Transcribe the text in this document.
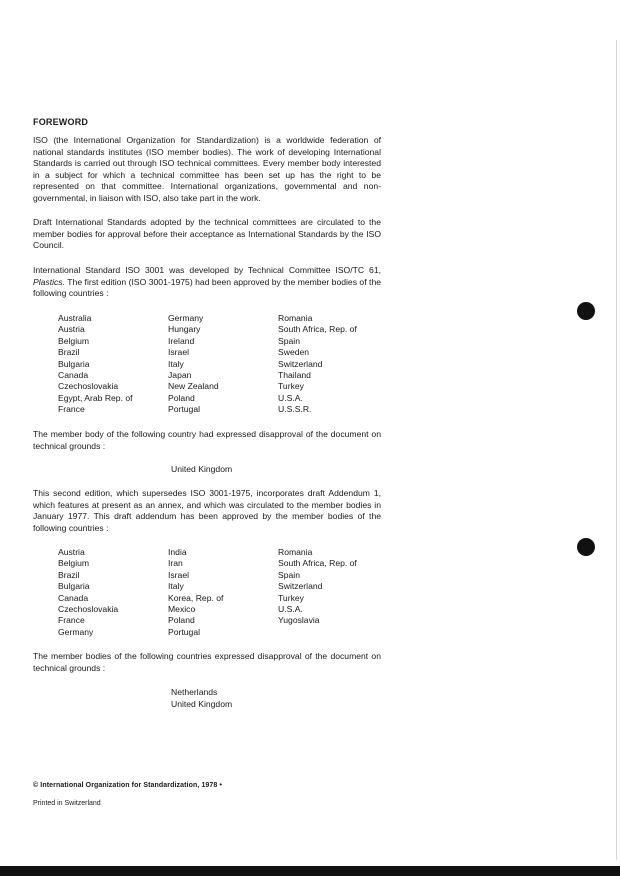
FOREWORD

ISO (the International Organization for Standardization) is a worldwide federation of national standards institutes (ISO member bodies). The work of developing International Standards is carried out through ISO technical committees. Every member body interested in a subject for which a technical committee has been set up has the right to be represented on that committee. International organizations, governmental and non-governmental, in liaison with ISO, also take part in the work.

Draft International Standards adopted by the technical committees are circulated to the member bodies for approval before their acceptance as International Standards by the ISO Council.

International Standard ISO 3001 was developed by Technical Committee ISO/TC 61, Plastics. The first edition (ISO 3001-1975) had been approved by the member bodies of the following countries :

Australia
Austria
Belgium
Brazil
Bulgaria
Canada
Czechoslovakia
Egypt, Arab Rep. of
France
Germany
Hungary
Ireland
Israel
Italy
Japan
New Zealand
Poland
Portugal
Romania
South Africa, Rep. of
Spain
Sweden
Switzerland
Thailand
Turkey
U.S.A.
U.S.S.R.

The member body of the following country had expressed disapproval of the document on technical grounds :

United Kingdom

This second edition, which supersedes ISO 3001-1975, incorporates draft Addendum 1, which features at present as an annex, and which was circulated to the member bodies in January 1977. This draft addendum has been approved by the member bodies of the following countries :

Austria
Belgium
Brazil
Bulgaria
Canada
Czechoslovakia
France
Germany
India
Iran
Israel
Italy
Korea, Rep. of
Mexico
Poland
Portugal
Romania
South Africa, Rep. of
Spain
Switzerland
Turkey
U.S.A.
Yugoslavia

The member bodies of the following countries expressed disapproval of the document on technical grounds :

Netherlands
United Kingdom
© International Organization for Standardization, 1978 •
Printed in Switzerland
